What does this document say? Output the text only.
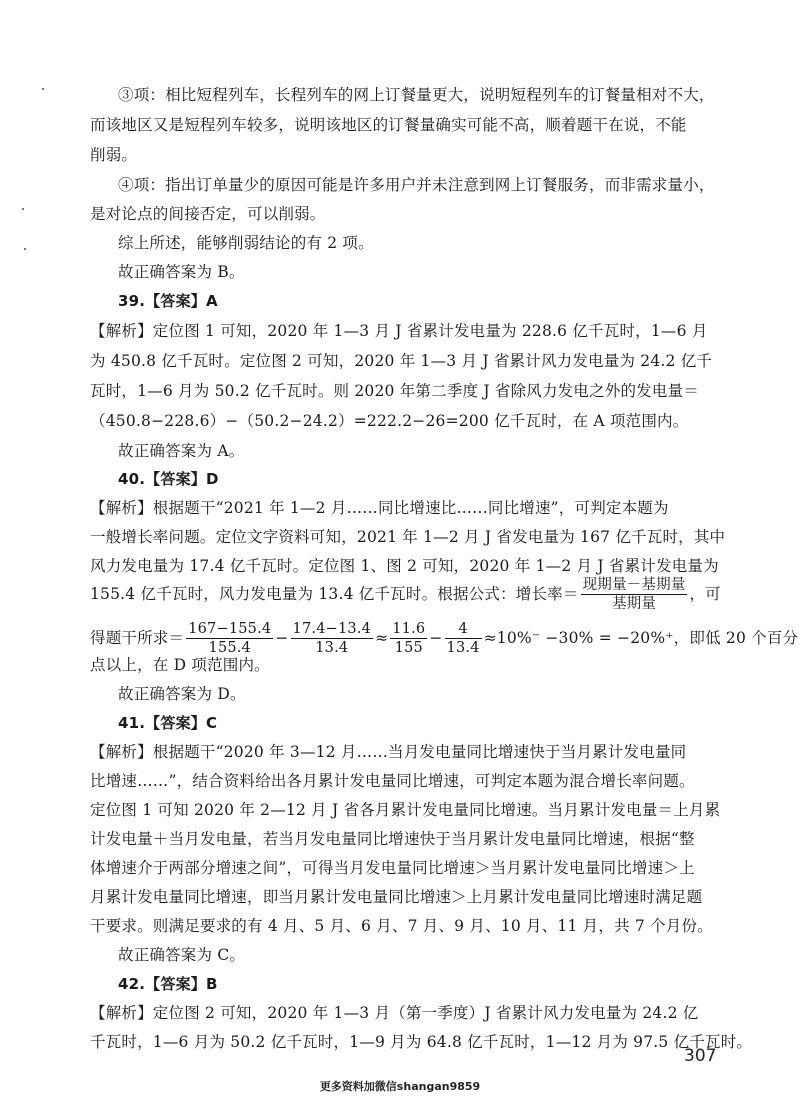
③项：相比短程列车，长程列车的网上订餐量更大，说明短程列车的订餐量相对不大，
而该地区又是短程列车较多，说明该地区的订餐量确实可能不高，顺着题干在说，不能
削弱。
④项：指出订单量少的原因可能是许多用户并未注意到网上订餐服务，而非需求量小，
是对论点的间接否定，可以削弱。
综上所述，能够削弱结论的有 2 项。
故正确答案为 B。
39.【答案】A
【解析】定位图 1 可知，2020 年 1—3 月 J 省累计发电量为 228.6 亿千瓦时，1—6 月
为 450.8 亿千瓦时。定位图 2 可知，2020 年 1—3 月 J 省累计风力发电量为 24.2 亿千
瓦时，1—6 月为 50.2 亿千瓦时。则 2020 年第二季度 J 省除风力发电之外的发电量＝
（450.8−228.6）−（50.2−24.2）=222.2−26=200 亿千瓦时，在 A 项范围内。
故正确答案为 A。
40.【答案】D
【解析】根据题干“2021 年 1—2 月……同比增速比……同比增速”，可判定本题为
一般增长率问题。定位文字资料可知，2021 年 1—2 月 J 省发电量为 167 亿千瓦时，其中
风力发电量为 17.4 亿千瓦时。定位图 1、图 2 可知，2020 年 1—2 月 J 省累计发电量为
155.4 亿千瓦时，风力发电量为 13.4 亿千瓦时。根据公式：增长率＝ $\frac{\text{现期量－基期量}}{\text{基期量}}$ ，可
得题干所求＝ $\frac{167-155.4}{155.4} - \frac{17.4-13.4}{13.4} \approx \frac{11.6}{155} - \frac{4}{13.4} \approx 10\%^- -30\% = -20\%^+$，即低 20 个百分
点以上，在 D 项范围内。
故正确答案为 D。
41.【答案】C
【解析】根据题干“2020 年 3—12 月……当月发电量同比增速快于当月累计发电量同
比增速……”，结合资料给出各月累计发电量同比增速，可判定本题为混合增长率问题。
定位图 1 可知 2020 年 2—12 月 J 省各月累计发电量同比增速。当月累计发电量＝上月累
计发电量＋当月发电量，若当月发电量同比增速快于当月累计发电量同比增速，根据“整
体增速介于两部分增速之间”，可得当月发电量同比增速＞当月累计发电量同比增速＞上
月累计发电量同比增速，即当月累计发电量同比增速＞上月累计发电量同比增速时满足题
干要求。则满足要求的有 4 月、5 月、6 月、7 月、9 月、10 月、11 月，共 7 个月份。
故正确答案为 C。
42.【答案】B
【解析】定位图 2 可知，2020 年 1—3 月（第一季度）J 省累计风力发电量为 24.2 亿
千瓦时，1—6 月为 50.2 亿千瓦时，1—9 月为 64.8 亿千瓦时，1—12 月为 97.5 亿千瓦时。
307
更多资料加微信shangan9859
